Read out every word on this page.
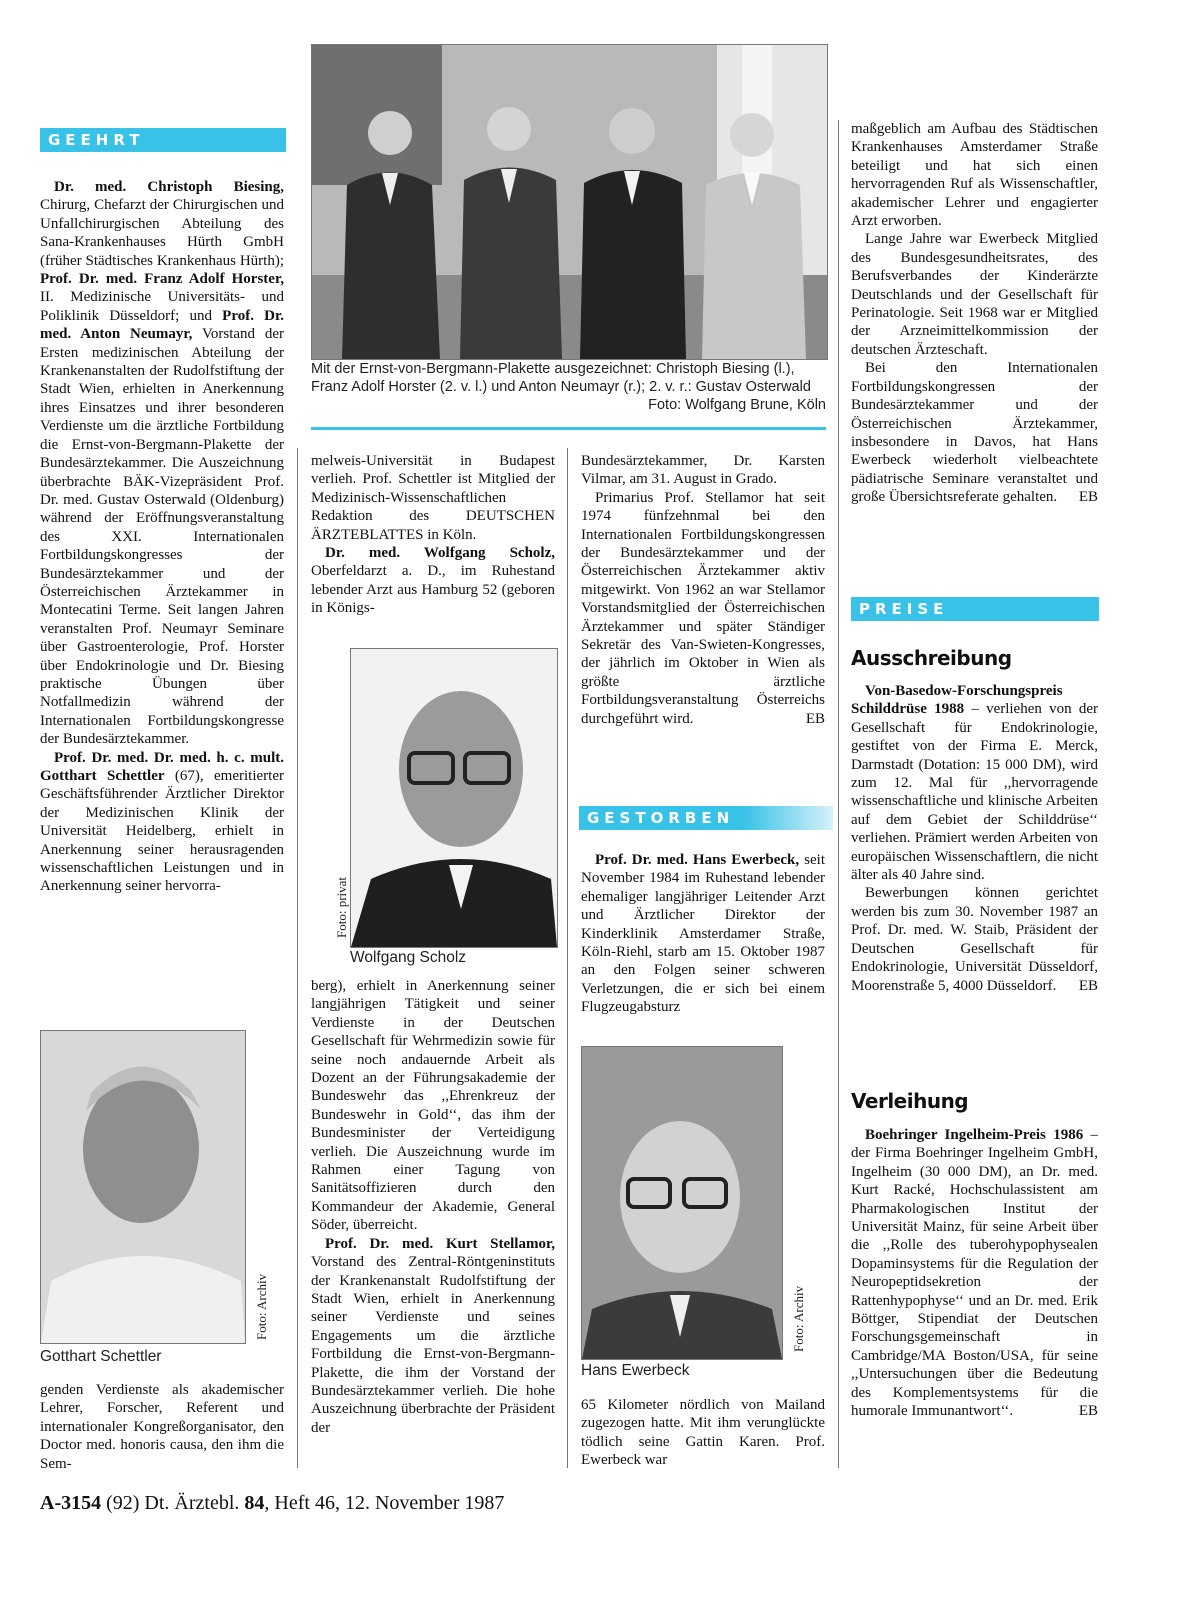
GEEHRT
PREISE
GESTORBEN
Mit der Ernst-von-Bergmann-Plakette ausgezeichnet: Christoph Biesing (l.), Franz Adolf Horster (2. v. l.) und Anton Neumayr (r.); 2. v. r.: Gustav Osterwald
Foto: Wolfgang Brune, Köln

Dr. med. Christoph Biesing, Chirurg, Chefarzt der Chirurgischen und Unfallchirurgischen Abteilung des Sana-Krankenhauses Hürth GmbH (früher Städtisches Krankenhaus Hürth); Prof. Dr. med. Franz Adolf Horster, II. Medizinische Universitäts- und Poliklinik Düsseldorf; und Prof. Dr. med. Anton Neumayr, Vorstand der Ersten medizinischen Abteilung der Krankenanstalten der Rudolfstiftung der Stadt Wien, erhielten in Anerkennung ihres Einsatzes und ihrer besonderen Verdienste um die ärztliche Fortbildung die Ernst-von-Bergmann-Plakette der Bundesärztekammer. Die Auszeichnung überbrachte BÄK-Vizepräsident Prof. Dr. med. Gustav Osterwald (Oldenburg) während der Eröffnungsveranstaltung des XXI. Internationalen Fortbildungskongresses der Bundesärztekammer und der Österreichischen Ärztekammer in Montecatini Terme. Seit langen Jahren veranstalten Prof. Neumayr Seminare über Gastroenterologie, Prof. Horster über Endokrinologie und Dr. Biesing praktische Übungen über Notfallmedizin während der Internationalen Fortbildungskongresse der Bundesärztekammer.

Prof. Dr. med. Dr. med. h. c. mult. Gotthart Schettler (67), emeritierter Geschäftsführender Ärztlicher Direktor der Medizinischen Klinik der Universität Heidelberg, erhielt in Anerkennung seiner herausragenden wissenschaftlichen Leistungen und in Anerkennung seiner hervorra-

Foto: Archiv
Gotthart Schettler

genden Verdienste als akademischer Lehrer, Forscher, Referent und internationaler Kongreßorganisator, den Doctor med. honoris causa, den ihm die Sem-

melweis-Universität in Budapest verlieh. Prof. Schettler ist Mitglied der Medizinisch-Wissenschaftlichen Redaktion des DEUTSCHEN ÄRZTEBLATTES in Köln.

Dr. med. Wolfgang Scholz, Oberfeldarzt a. D., im Ruhestand lebender Arzt aus Hamburg 52 (geboren in Königs-

Foto: privat
Wolfgang Scholz

berg), erhielt in Anerkennung seiner langjährigen Tätigkeit und seiner Verdienste in der Deutschen Gesellschaft für Wehrmedizin sowie für seine noch andauernde Arbeit als Dozent an der Führungsakademie der Bundeswehr das ,,Ehrenkreuz der Bundeswehr in Gold‘‘, das ihm der Bundesminister der Verteidigung verlieh. Die Auszeichnung wurde im Rahmen einer Tagung von Sanitätsoffizieren durch den Kommandeur der Akademie, General Söder, überreicht.

Prof. Dr. med. Kurt Stellamor, Vorstand des Zentral-Röntgeninstituts der Krankenanstalt Rudolfstiftung der Stadt Wien, erhielt in Anerkennung seiner Verdienste und seines Engagements um die ärztliche Fortbildung die Ernst-von-Bergmann-Plakette, die ihm der Vorstand der Bundesärztekammer verlieh. Die hohe Auszeichnung überbrachte der Präsident der

Bundesärztekammer, Dr. Karsten Vilmar, am 31. August in Grado.

Primarius Prof. Stellamor hat seit 1974 fünfzehnmal bei den Internationalen Fortbildungskongressen der Bundesärztekammer und der Österreichischen Ärztekammer aktiv mitgewirkt. Von 1962 an war Stellamor Vorstandsmitglied der Österreichischen Ärztekammer und später Ständiger Sekretär des Van-Swieten-Kongresses, der jährlich im Oktober in Wien als größte ärztliche Fortbildungsveranstaltung Österreichs durchgeführt wird.	EB

Prof. Dr. med. Hans Ewerbeck, seit November 1984 im Ruhestand lebender ehemaliger langjähriger Leitender Arzt und Ärztlicher Direktor der Kinderklinik Amsterdamer Straße, Köln-Riehl, starb am 15. Oktober 1987 an den Folgen seiner schweren Verletzungen, die er sich bei einem Flugzeugabsturz

Foto: Archiv
Hans Ewerbeck

65 Kilometer nördlich von Mailand zugezogen hatte. Mit ihm verunglückte tödlich seine Gattin Karen. Prof. Ewerbeck war

maßgeblich am Aufbau des Städtischen Krankenhauses Amsterdamer Straße beteiligt und hat sich einen hervorragenden Ruf als Wissenschaftler, akademischer Lehrer und engagierter Arzt erworben.

Lange Jahre war Ewerbeck Mitglied des Bundesgesundheitsrates, des Berufsverbandes der Kinderärzte Deutschlands und der Gesellschaft für Perinatologie. Seit 1968 war er Mitglied der Arzneimittelkommission der deutschen Ärzteschaft.

Bei den Internationalen Fortbildungskongressen der Bundesärztekammer und der Österreichischen Ärztekammer, insbesondere in Davos, hat Hans Ewerbeck wiederholt vielbeachtete pädiatrische Seminare veranstaltet und große Übersichtsreferate gehalten.	EB

Ausschreibung

Von-Basedow-Forschungspreis Schilddrüse 1988 – verliehen von der Gesellschaft für Endokrinologie, gestiftet von der Firma E. Merck, Darmstadt (Dotation: 15 000 DM), wird zum 12. Mal für ,,hervorragende wissenschaftliche und klinische Arbeiten auf dem Gebiet der Schilddrüse‘‘ verliehen. Prämiert werden Arbeiten von europäischen Wissenschaftlern, die nicht älter als 40 Jahre sind.

Bewerbungen können gerichtet werden bis zum 30. November 1987 an Prof. Dr. med. W. Staib, Präsident der Deutschen Gesellschaft für Endokrinologie, Universität Düsseldorf, Moorenstraße 5, 4000 Düsseldorf.	EB

Verleihung

Boehringer Ingelheim-Preis 1986 – der Firma Boehringer Ingelheim GmbH, Ingelheim (30 000 DM), an Dr. med. Kurt Racké, Hochschulassistent am Pharmakologischen Institut der Universität Mainz, für seine Arbeit über die ,,Rolle des tuberohypophysealen Dopaminsystems für die Regulation der Neuropeptidsekretion der Rattenhypophyse‘‘ und an Dr. med. Erik Böttger, Stipendiat der Deutschen Forschungsgemeinschaft in Cambridge/MA Boston/USA, für seine ,,Untersuchungen über die Bedeutung des Komplementsystems für die humorale Immunantwort‘‘.	EB

A-3154 (92) Dt. Ärztebl. 84, Heft 46, 12. November 1987
